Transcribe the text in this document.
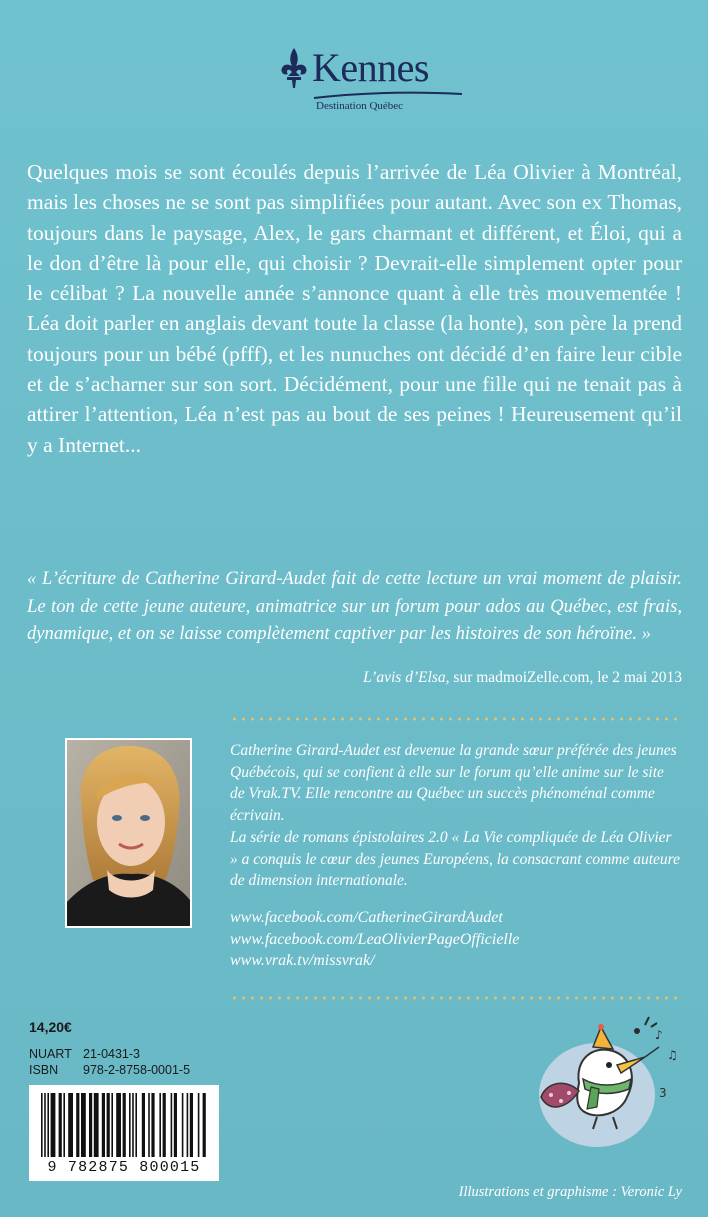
Kennes
Destination Québec

Quelques mois se sont écoulés depuis l’arrivée de Léa Olivier à Montréal, mais les choses ne se sont pas simplifiées pour autant. Avec son ex Thomas, toujours dans le paysage, Alex, le gars charmant et différent, et Éloi, qui a le don d’être là pour elle, qui choisir ? Devrait-elle simplement opter pour le célibat ? La nouvelle année s’annonce quant à elle très mouvementée ! Léa doit parler en anglais devant toute la classe (la honte), son père la prend toujours pour un bébé (pfff), et les nunuches ont décidé d’en faire leur cible et de s’acharner sur son sort. Décidément, pour une fille qui ne tenait pas à attirer l’attention, Léa n’est pas au bout de ses peines ! Heureusement qu’il y a Internet...

« L’écriture de Catherine Girard-Audet fait de cette lecture un vrai moment de plaisir. Le ton de cette jeune auteure, animatrice sur un forum pour ados au Québec, est frais, dynamique, et on se laisse complètement captiver par les histoires de son héroïne. »

L’avis d’Elsa, sur madmoiZelle.com, le 2 mai 2013

Catherine Girard-Audet est devenue la grande sœur préférée des jeunes Québécois, qui se confient à elle sur le forum qu’elle anime sur le site de Vrak.TV. Elle rencontre au Québec un succès phénoménal comme écrivain.

La série de romans épistolaires 2.0 « La Vie compliquée de Léa Olivier » a conquis le cœur des jeunes Européens, la consacrant comme auteure de dimension internationale.

www.facebook.com/CatherineGirardAudet
www.facebook.com/LeaOlivierPageOfficielle
www.vrak.tv/missvrak/
14,20€
NUART 21-0431-3
ISBN 978-2-8758-0001-5
9 782875 800015
♪
♫
3

Illustrations et graphisme : Veronic Ly
